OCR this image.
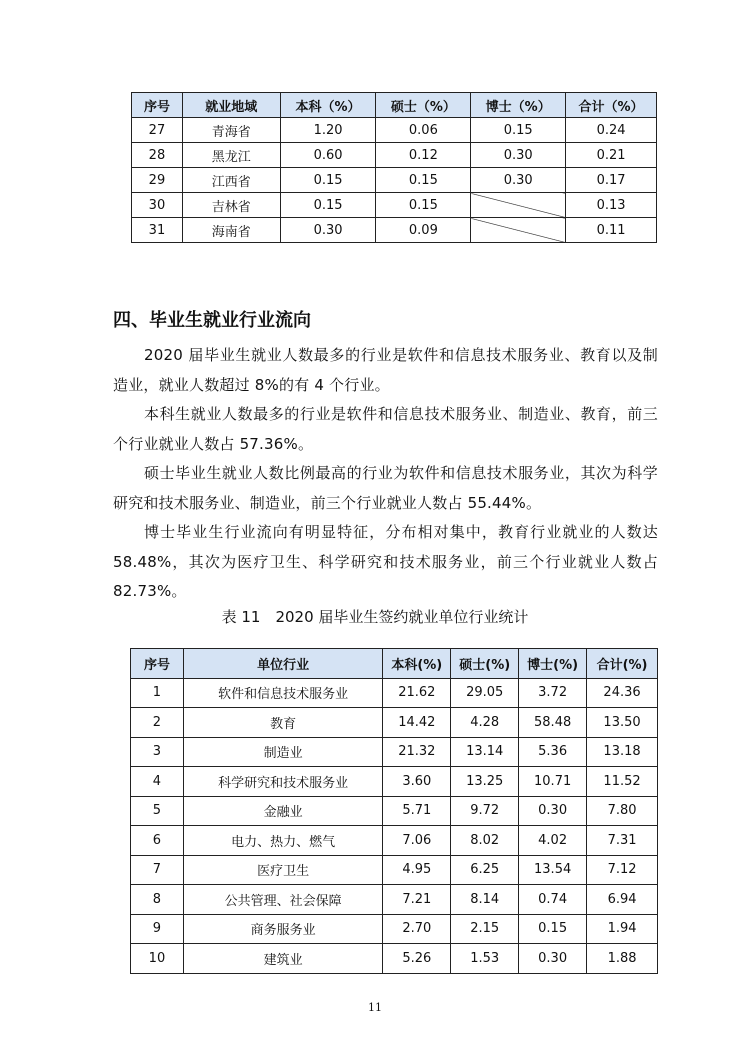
序号	就业地域	本科（%）	硕士（%）	博士（%）	合计（%）
27	青海省	1.20	0.06	0.15	0.24
28	黑龙江	0.60	0.12	0.30	0.21
29	江西省	0.15	0.15	0.30	0.17
30	吉林省	0.15	0.15		0.13
31	海南省	0.30	0.09		0.11
四、毕业生就业行业流向

2020 届毕业生就业人数最多的行业是软件和信息技术服务业、教育以及制造业，就业人数超过 8%的有 4 个行业。

本科生就业人数最多的行业是软件和信息技术服务业、制造业、教育，前三个行业就业人数占 57.36%。

硕士毕业生就业人数比例最高的行业为软件和信息技术服务业，其次为科学研究和技术服务业、制造业，前三个行业就业人数占 55.44%。

博士毕业生行业流向有明显特征，分布相对集中，教育行业就业的人数达 58.48%，其次为医疗卫生、科学研究和技术服务业，前三个行业就业人数占 82.73%。

表 11　2020 届毕业生签约就业单位行业统计
序号	单位行业	本科(%)	硕士(%)	博士(%)	合计(%)
1	软件和信息技术服务业	21.62	29.05	3.72	24.36
2	教育	14.42	4.28	58.48	13.50
3	制造业	21.32	13.14	5.36	13.18
4	科学研究和技术服务业	3.60	13.25	10.71	11.52
5	金融业	5.71	9.72	0.30	7.80
6	电力、热力、燃气	7.06	8.02	4.02	7.31
7	医疗卫生	4.95	6.25	13.54	7.12
8	公共管理、社会保障	7.21	8.14	0.74	6.94
9	商务服务业	2.70	2.15	0.15	1.94
10	建筑业	5.26	1.53	0.30	1.88
11
